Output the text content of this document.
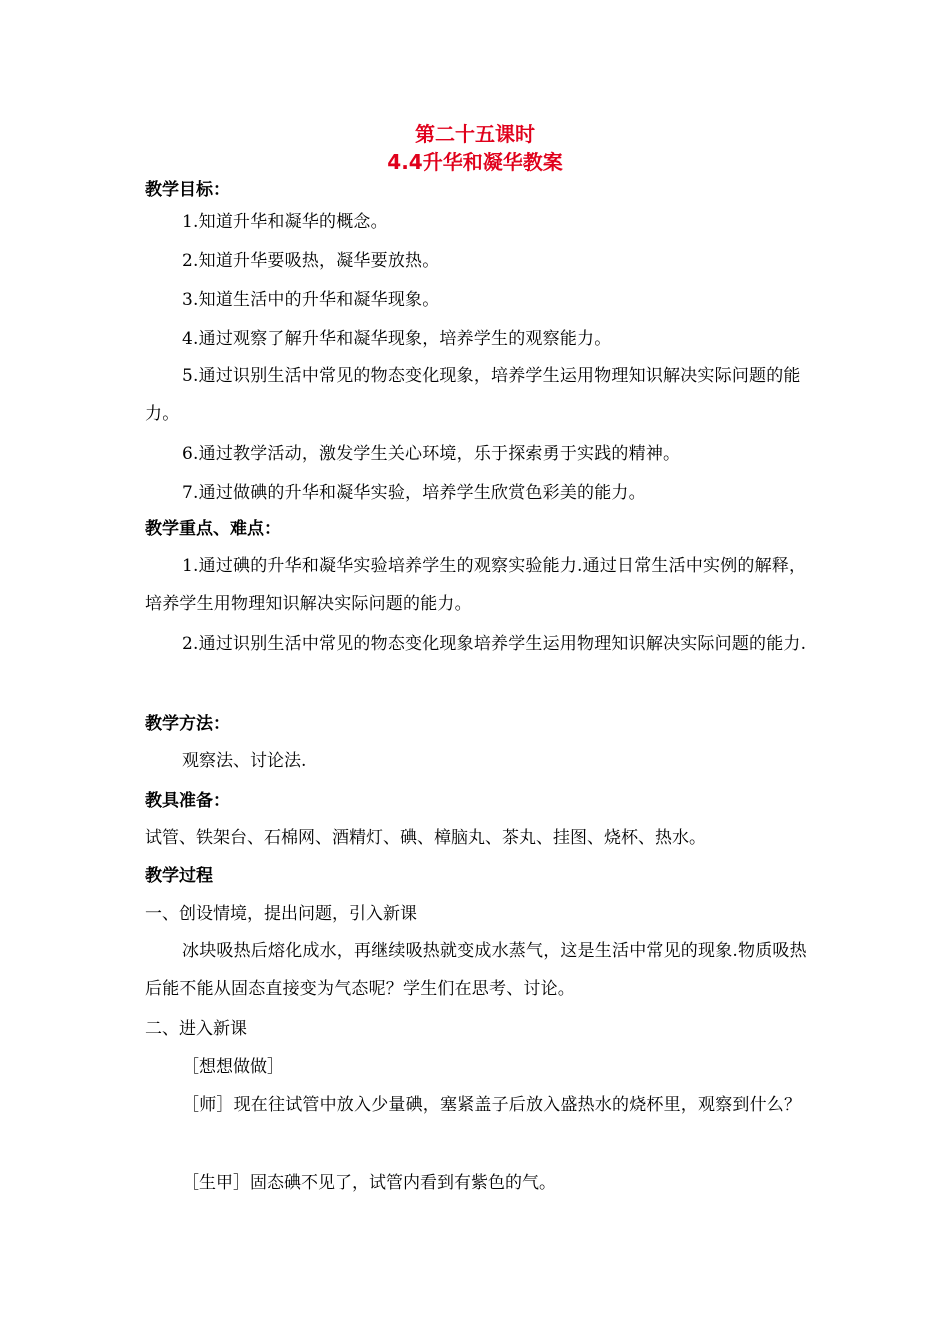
第二十五课时
4.4升华和凝华教案
教学目标：
1.知道升华和凝华的概念。
2.知道升华要吸热，凝华要放热。
3.知道生活中的升华和凝华现象。
4.通过观察了解升华和凝华现象，培养学生的观察能力。
5.通过识别生活中常见的物态变化现象，培养学生运用物理知识解决实际问题的能力。
6.通过教学活动，激发学生关心环境，乐于探索勇于实践的精神。
7.通过做碘的升华和凝华实验，培养学生欣赏色彩美的能力。
教学重点、难点：
1.通过碘的升华和凝华实验培养学生的观察实验能力.通过日常生活中实例的解释，培养学生用物理知识解决实际问题的能力。
2.通过识别生活中常见的物态变化现象培养学生运用物理知识解决实际问题的能力.
教学方法：
观察法、讨论法.
教具准备：
试管、铁架台、石棉网、酒精灯、碘、樟脑丸、茶丸、挂图、烧杯、热水。
教学过程
一、创设情境，提出问题，引入新课
冰块吸热后熔化成水，再继续吸热就变成水蒸气，这是生活中常见的现象.物质吸热后能不能从固态直接变为气态呢？学生们在思考、讨论。
二、进入新课
［想想做做］
［师］现在往试管中放入少量碘，塞紧盖子后放入盛热水的烧杯里，观察到什么？
［生甲］固态碘不见了，试管内看到有紫色的气。
